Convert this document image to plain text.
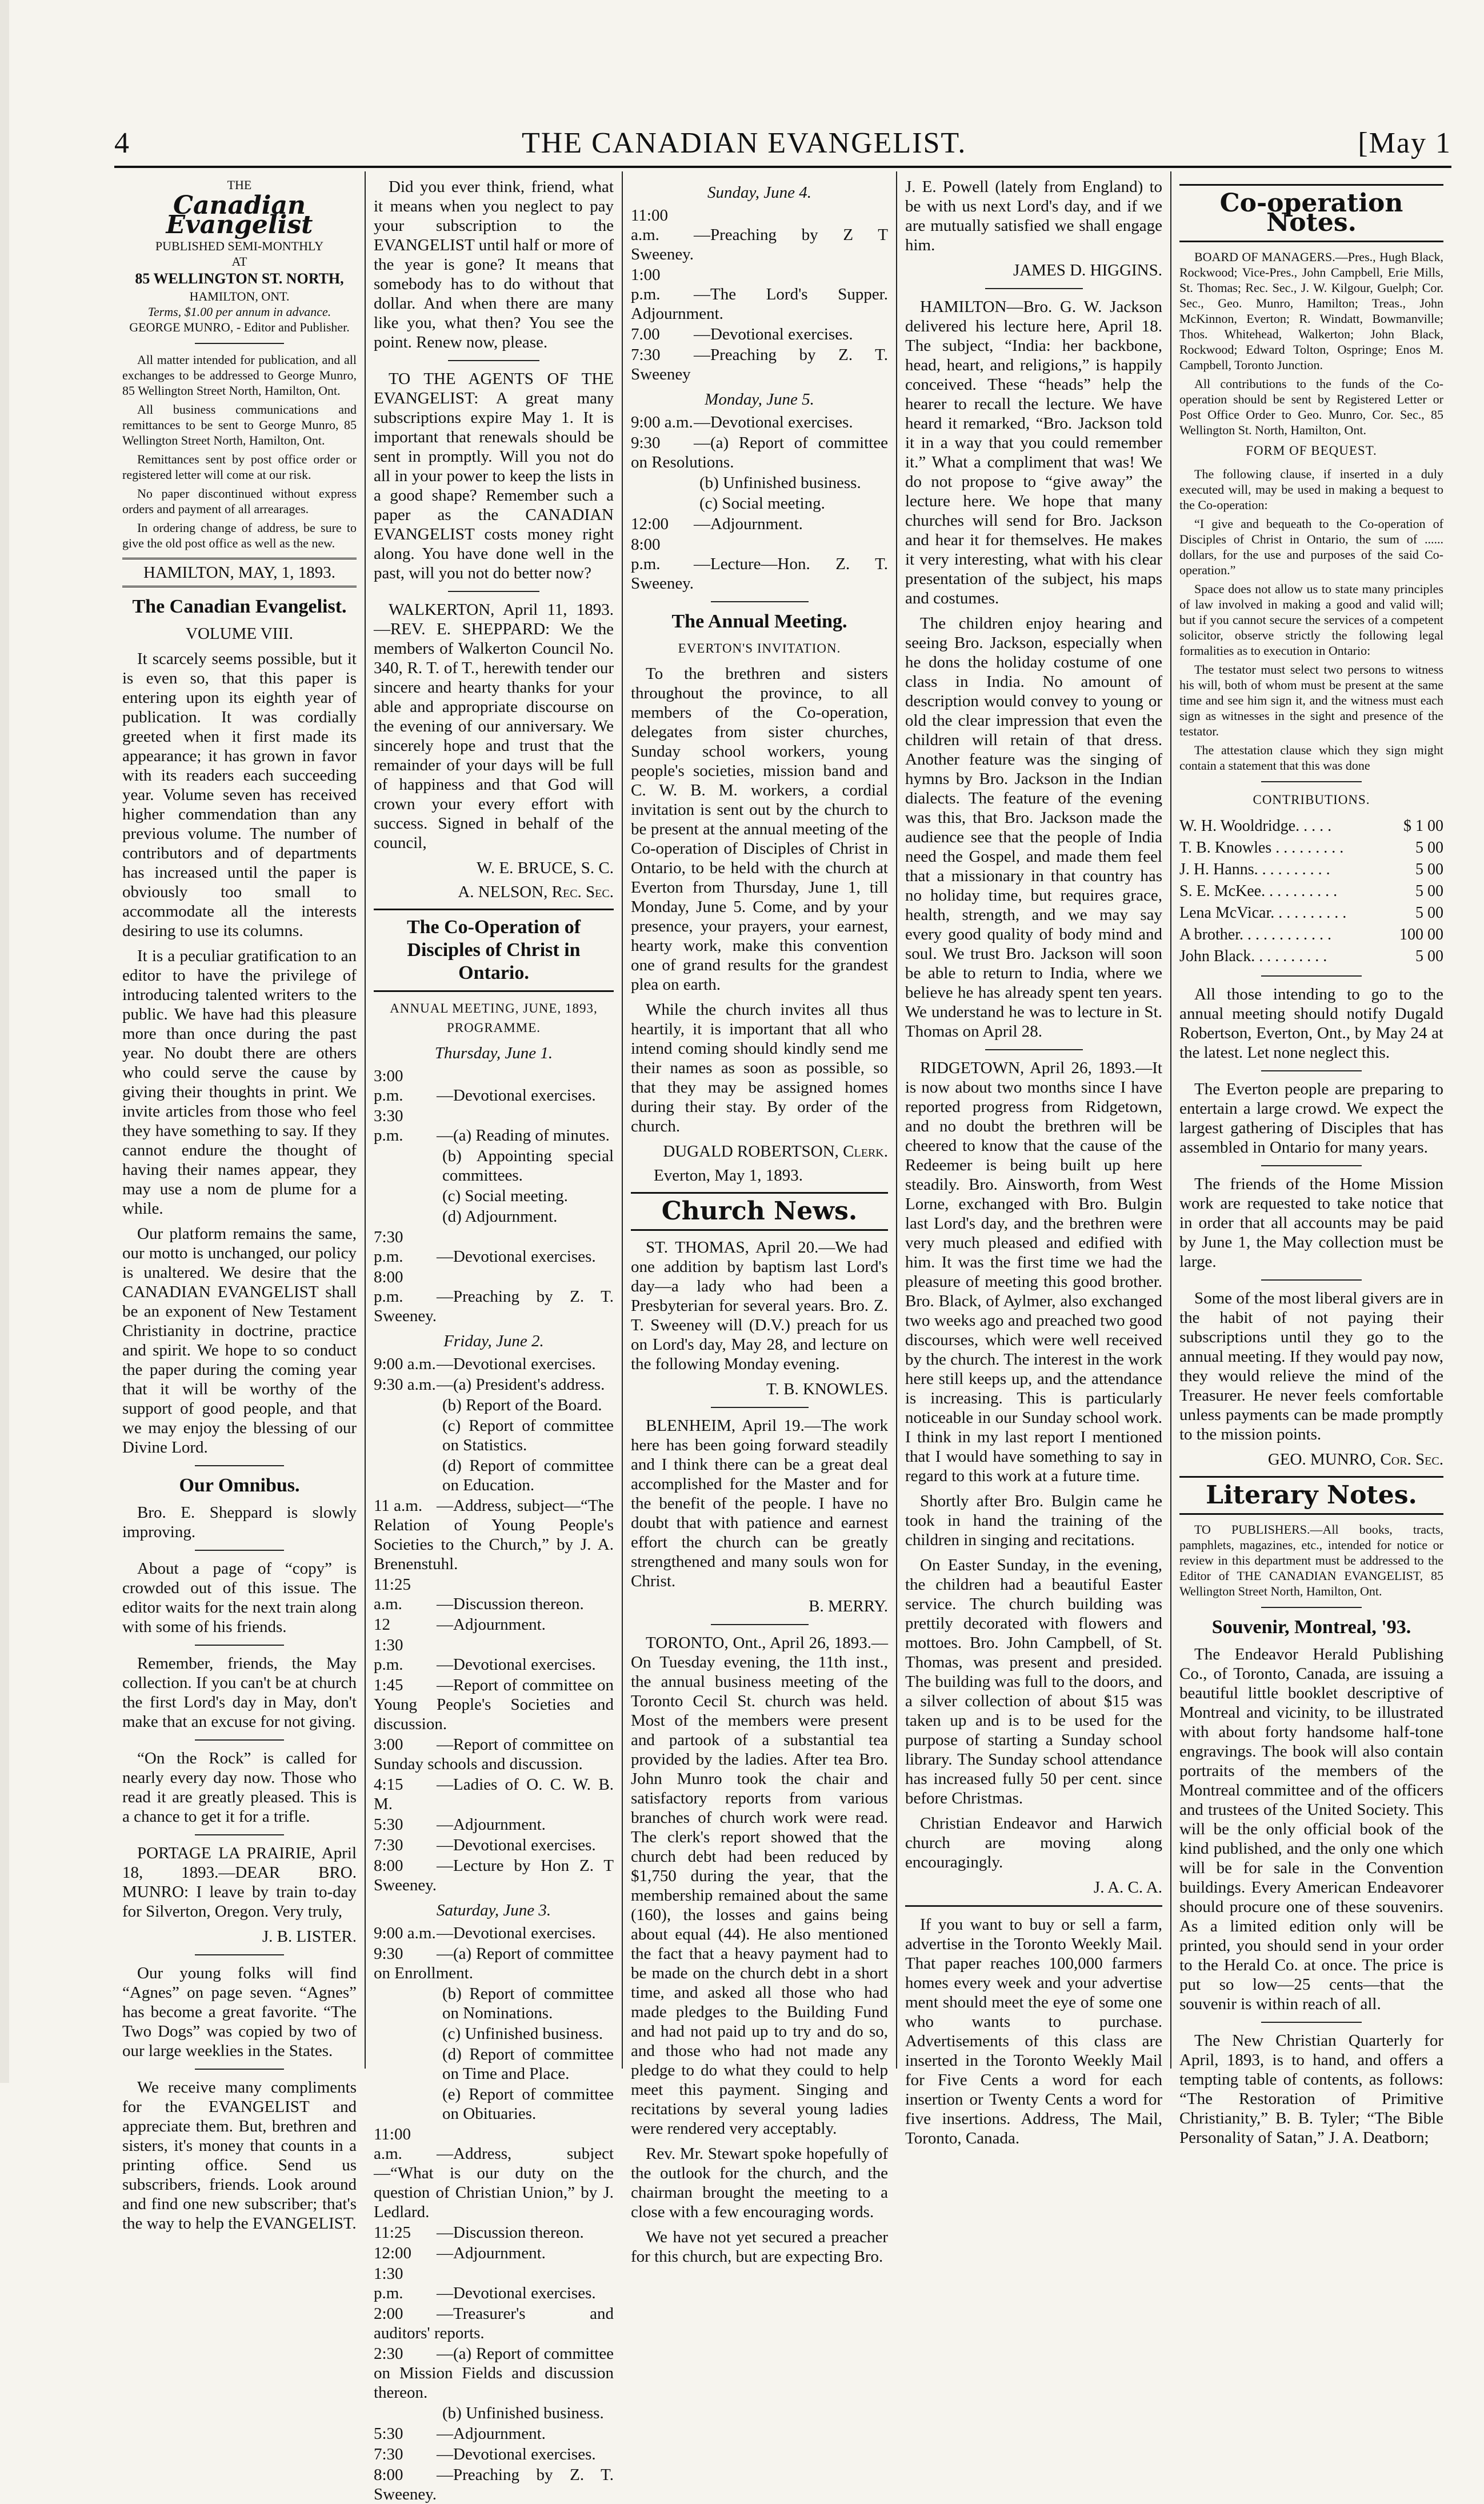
4	THE CANADIAN EVANGELIST.	[May 1
THE
Canadian Evangelist
PUBLISHED SEMI-MONTHLY
AT
85 WELLINGTON ST. NORTH,
HAMILTON, ONT.
Terms, $1.00 per annum in advance.
GEORGE MUNRO, - Editor and Publisher.

All matter intended for publication, and all exchanges to be addressed to George Munro, 85 Wellington Street North, Hamilton, Ont.

All business communications and remittances to be sent to George Munro, 85 Wellington Street North, Hamilton, Ont.

Remittances sent by post office order or registered letter will come at our risk.

No paper discontinued without express orders and payment of all arrearages.

In ordering change of address, be sure to give the old post office as well as the new.

HAMILTON, MAY, 1, 1893.
The Canadian Evangelist.
VOLUME VIII.

It scarcely seems possible, but it is even so, that this paper is entering upon its eighth year of publication. It was cordially greeted when it first made its appearance; it has grown in favor with its readers each succeeding year. Volume seven has received higher commendation than any previous volume. The number of contributors and of departments has increased until the paper is obviously too small to accommodate all the interests desiring to use its columns.

It is a peculiar gratification to an editor to have the privilege of introducing talented writers to the public. We have had this pleasure more than once during the past year. No doubt there are others who could serve the cause by giving their thoughts in print. We invite articles from those who feel they have something to say. If they cannot endure the thought of having their names appear, they may use a nom de plume for a while.

Our platform remains the same, our motto is unchanged, our policy is unaltered. We desire that the CANADIAN EVANGELIST shall be an exponent of New Testament Christianity in doctrine, practice and spirit. We hope to so conduct the paper during the coming year that it will be worthy of the support of good people, and that we may enjoy the blessing of our Divine Lord.

Our Omnibus.

Bro. E. Sheppard is slowly improving.

About a page of “copy” is crowded out of this issue. The editor waits for the next train along with some of his friends.

Remember, friends, the May collection. If you can't be at church the first Lord's day in May, don't make that an excuse for not giving.

“On the Rock” is called for nearly every day now. Those who read it are greatly pleased. This is a chance to get it for a trifle.

PORTAGE LA PRAIRIE, April 18, 1893.—DEAR BRO. MUNRO: I leave by train to-day for Silverton, Oregon. Very truly,

J. B. LISTER.

Our young folks will find “Agnes” on page seven. “Agnes” has become a great favorite. “The Two Dogs” was copied by two of our large weeklies in the States.

We receive many compliments for the EVANGELIST and appreciate them. But, brethren and sisters, it's money that counts in a printing office. Send us subscribers, friends. Look around and find one new subscriber; that's the way to help the EVANGELIST.

Did you ever think, friend, what it means when you neglect to pay your subscription to the EVANGELIST until half or more of the year is gone? It means that somebody has to do without that dollar. And when there are many like you, what then? You see the point. Renew now, please.

TO THE AGENTS OF THE EVANGELIST: A great many subscriptions expire May 1. It is important that renewals should be sent in promptly. Will you not do all in your power to keep the lists in a good shape? Remember such a paper as the CANADIAN EVANGELIST costs money right along. You have done well in the past, will you not do better now?

WALKERTON, April 11, 1893.—REV. E. SHEPPARD: We the members of Walkerton Council No. 340, R. T. of T., herewith tender our sincere and hearty thanks for your able and appropriate discourse on the evening of our anniversary. We sincerely hope and trust that the remainder of your days will be full of happiness and that God will crown your every effort with success. Signed in behalf of the council,

W. E. BRUCE, S. C.
A. NELSON, Rec. Sec.
The Co-Operation of Disciples of Christ in Ontario.
ANNUAL MEETING, JUNE, 1893, PROGRAMME.
Thursday, June 1.
3:00 p.m. —Devotional exercises.
3:30 p.m. —(a) Reading of minutes.
(b) Appointing special committees.
(c) Social meeting.
(d) Adjournment.
7:30 p.m. —Devotional exercises.
8:00 p.m. —Preaching by Z. T. Sweeney.
Friday, June 2.
9:00 a.m.—Devotional exercises.
9:30 a.m.—(a) President's address.
(b) Report of the Board.
(c) Report of committee on Statistics.
(d) Report of committee on Education.
11 a.m. —Address, subject—“The Relation of Young People's Societies to the Church,” by J. A. Brenenstuhl.
11:25 a.m. —Discussion thereon.
12	—Adjournment.
1:30 p.m. —Devotional exercises.
1:45 —Report of committee on Young People's Societies and discussion.
3:00 —Report of committee on Sunday schools and discussion.
4:15 —Ladies of O. C. W. B. M.
5:30 —Adjournment.
7:30 —Devotional exercises.
8:00 —Lecture by Hon Z. T Sweeney.
Saturday, June 3.
9:00 a.m.—Devotional exercises.
9:30 —(a) Report of committee on Enrollment.
(b) Report of committee on Nominations.
(c) Unfinished business.
(d) Report of committee on Time and Place.
(e) Report of committee on Obituaries.
11:00 a.m. —Address, subject—“What is our duty on the question of Christian Union,” by J. Ledlard.
11:25 —Discussion thereon.
12:00 —Adjournment.
1:30 p.m. —Devotional exercises.
2:00 —Treasurer's and auditors' reports.
2:30 —(a) Report of committee on Mission Fields and discussion thereon.
(b) Unfinished business.
5:30 —Adjournment.
7:30 —Devotional exercises.
8:00 —Preaching by Z. T. Sweeney.
Sunday, June 4.
11:00 a.m. —Preaching by Z T Sweeney.
1:00 p.m. —The Lord's Supper. Adjournment.
7.00 —Devotional exercises.
7:30 —Preaching by Z. T. Sweeney
Monday, June 5.
9:00 a.m.—Devotional exercises.
9:30 —(a) Report of committee on Resolutions.
(b) Unfinished business.
(c) Social meeting.
12:00 —Adjournment.
8:00 p.m. —Lecture—Hon. Z. T. Sweeney.
The Annual Meeting.
EVERTON'S INVITATION.

To the brethren and sisters throughout the province, to all members of the Co-operation, delegates from sister churches, Sunday school workers, young people's societies, mission band and C. W. B. M. workers, a cordial invitation is sent out by the church to be present at the annual meeting of the Co-operation of Disciples of Christ in Ontario, to be held with the church at Everton from Thursday, June 1, till Monday, June 5. Come, and by your presence, your prayers, your earnest, hearty work, make this convention one of grand results for the grandest plea on earth.

While the church invites all thus heartily, it is important that all who intend coming should kindly send me their names as soon as possible, so that they may be assigned homes during their stay. By order of the church.

DUGALD ROBERTSON, Clerk.
Everton, May 1, 1893.
Church News.

ST. THOMAS, April 20.—We had one addition by baptism last Lord's day—a lady who had been a Presbyterian for several years. Bro. Z. T. Sweeney will (D.V.) preach for us on Lord's day, May 28, and lecture on the following Monday evening.

T. B. KNOWLES.

BLENHEIM, April 19.—The work here has been going forward steadily and I think there can be a great deal accomplished for the Master and for the benefit of the people. I have no doubt that with patience and earnest effort the church can be greatly strengthened and many souls won for Christ.

B. MERRY.

TORONTO, Ont., April 26, 1893.—On Tuesday evening, the 11th inst., the annual business meeting of the Toronto Cecil St. church was held. Most of the members were present and partook of a substantial tea provided by the ladies. After tea Bro. John Munro took the chair and satisfactory reports from various branches of church work were read. The clerk's report showed that the church debt had been reduced by $1,750 during the year, that the membership remained about the same (160), the losses and gains being about equal (44). He also mentioned the fact that a heavy payment had to be made on the church debt in a short time, and asked all those who had made pledges to the Building Fund and had not paid up to try and do so, and those who had not made any pledge to do what they could to help meet this payment. Singing and recitations by several young ladies were rendered very acceptably.

Rev. Mr. Stewart spoke hopefully of the outlook for the church, and the chairman brought the meeting to a close with a few encouraging words.

We have not yet secured a preacher for this church, but are expecting Bro.

J. E. Powell (lately from England) to be with us next Lord's day, and if we are mutually satisfied we shall engage him.

JAMES D. HIGGINS.

HAMILTON—Bro. G. W. Jackson delivered his lecture here, April 18. The subject, “India: her backbone, head, heart, and religions,” is happily conceived. These “heads” help the hearer to recall the lecture. We have heard it remarked, “Bro. Jackson told it in a way that you could remember it.” What a compliment that was! We do not propose to “give away” the lecture here. We hope that many churches will send for Bro. Jackson and hear it for themselves. He makes it very interesting, what with his clear presentation of the subject, his maps and costumes.

The children enjoy hearing and seeing Bro. Jackson, especially when he dons the holiday costume of one class in India. No amount of description would convey to young or old the clear impression that even the children will retain of that dress. Another feature was the singing of hymns by Bro. Jackson in the Indian dialects. The feature of the evening was this, that Bro. Jackson made the audience see that the people of India need the Gospel, and made them feel that a missionary in that country has no holiday time, but requires grace, health, strength, and we may say every good quality of body mind and soul. We trust Bro. Jackson will soon be able to return to India, where we believe he has already spent ten years. We understand he was to lecture in St. Thomas on April 28.

RIDGETOWN, April 26, 1893.—It is now about two months since I have reported progress from Ridgetown, and no doubt the brethren will be cheered to know that the cause of the Redeemer is being built up here steadily. Bro. Ainsworth, from West Lorne, exchanged with Bro. Bulgin last Lord's day, and the brethren were very much pleased and edified with him. It was the first time we had the pleasure of meeting this good brother. Bro. Black, of Aylmer, also exchanged two weeks ago and preached two good discourses, which were well received by the church. The interest in the work here still keeps up, and the attendance is increasing. This is particularly noticeable in our Sunday school work. I think in my last report I mentioned that I would have something to say in regard to this work at a future time.

Shortly after Bro. Bulgin came he took in hand the training of the children in singing and recitations.

On Easter Sunday, in the evening, the children had a beautiful Easter service. The church building was prettily decorated with flowers and mottoes. Bro. John Campbell, of St. Thomas, was present and presided. The building was full to the doors, and a silver collection of about $15 was taken up and is to be used for the purpose of starting a Sunday school library. The Sunday school attendance has increased fully 50 per cent. since before Christmas.

Christian Endeavor and Harwich church are moving along encouragingly.

J. A. C. A.

If you want to buy or sell a farm, advertise in the Toronto Weekly Mail. That paper reaches 100,000 farmers homes every week and your advertise ment should meet the eye of some one who wants to purchase. Advertisements of this class are inserted in the Toronto Weekly Mail for Five Cents a word for each insertion or Twenty Cents a word for five insertions. Address, The Mail, Toronto, Canada.

Co-operation Notes.

BOARD OF MANAGERS.—Pres., Hugh Black, Rockwood; Vice-Pres., John Campbell, Erie Mills, St. Thomas; Rec. Sec., J. W. Kilgour, Guelph; Cor. Sec., Geo. Munro, Hamilton; Treas., John McKinnon, Everton; R. Windatt, Bowmanville; Thos. Whitehead, Walkerton; John Black, Rockwood; Edward Tolton, Ospringe; Enos M. Campbell, Toronto Junction.

All contributions to the funds of the Co-operation should be sent by Registered Letter or Post Office Order to Geo. Munro, Cor. Sec., 85 Wellington St. North, Hamilton, Ont.

FORM OF BEQUEST.

The following clause, if inserted in a duly executed will, may be used in making a bequest to the Co-operation:

“I give and bequeath to the Co-operation of Disciples of Christ in Ontario, the sum of ...... dollars, for the use and purposes of the said Co-operation.”

Space does not allow us to state many principles of law involved in making a good and valid will; but if you cannot secure the services of a competent solicitor, observe strictly the following legal formalities as to execution in Ontario:

The testator must select two persons to witness his will, both of whom must be present at the same time and see him sign it, and the witness must each sign as witnesses in the sight and presence of the testator.

The attestation clause which they sign might contain a statement that this was done

CONTRIBUTIONS.
W. H. Wooldridge. . . . .	$ 1 00
T. B. Knowles . . . . . . . . .	5 00
J. H. Hanns. . . . . . . . . .	5 00
S. E. McKee. . . . . . . . . .	5 00
Lena McVicar. . . . . . . . . .	5 00
A brother. . . . . . . . . . . .	100 00
John Black. . . . . . . . . .	5 00

All those intending to go to the annual meeting should notify Dugald Robertson, Everton, Ont., by May 24 at the latest. Let none neglect this.

The Everton people are preparing to entertain a large crowd. We expect the largest gathering of Disciples that has assembled in Ontario for many years.

The friends of the Home Mission work are requested to take notice that in order that all accounts may be paid by June 1, the May collection must be large.

Some of the most liberal givers are in the habit of not paying their subscriptions until they go to the annual meeting. If they would pay now, they would relieve the mind of the Treasurer. He never feels comfortable unless payments can be made promptly to the mission points.

GEO. MUNRO, Cor. Sec.
Literary Notes.

TO PUBLISHERS.—All books, tracts, pamphlets, magazines, etc., intended for notice or review in this department must be addressed to the Editor of THE CANADIAN EVANGELIST, 85 Wellington Street North, Hamilton, Ont.

Souvenir, Montreal, '93.

The Endeavor Herald Publishing Co., of Toronto, Canada, are issuing a beautiful little booklet descriptive of Montreal and vicinity, to be illustrated with about forty handsome half-tone engravings. The book will also contain portraits of the members of the Montreal committee and of the officers and trustees of the United Society. This will be the only official book of the kind published, and the only one which will be for sale in the Convention buildings. Every American Endeavorer should procure one of these souvenirs. As a limited edition only will be printed, you should send in your order to the Herald Co. at once. The price is put so low—25 cents—that the souvenir is within reach of all.

The New Christian Quarterly for April, 1893, is to hand, and offers a tempting table of contents, as follows: “The Restoration of Primitive Christianity,” B. B. Tyler; “The Bible Personality of Satan,” J. A. Deatborn;
